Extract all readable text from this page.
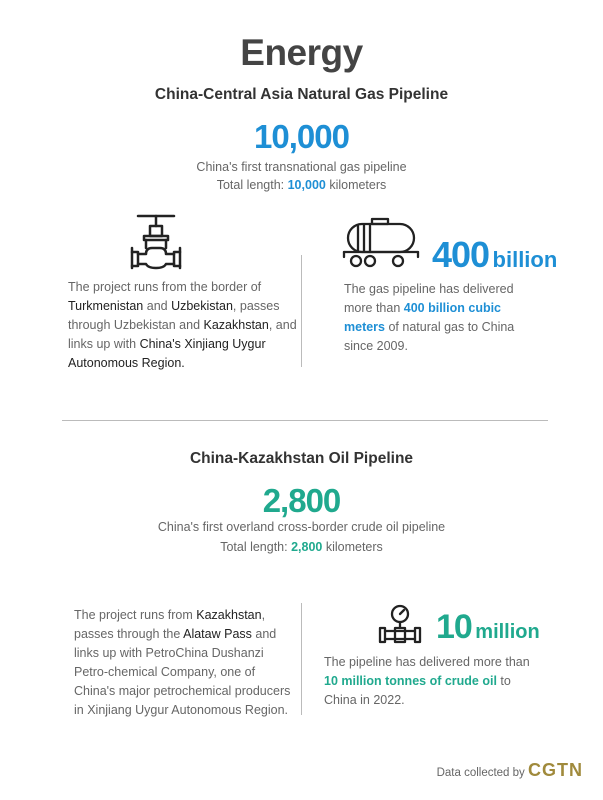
Energy
China-Central Asia Natural Gas Pipeline
10,000
China's first transnational gas pipeline
Total length: 10,000 kilometers
400 billion
The project runs from the border of Turkmenistan and Uzbekistan, passes through Uzbekistan and Kazakhstan, and links up with China's Xinjiang Uygur Autonomous Region.
The gas pipeline has delivered more than 400 billion cubic meters of natural gas to China since 2009.
China-Kazakhstan Oil Pipeline
2,800
China's first overland cross-border crude oil pipeline
Total length: 2,800 kilometers
The project runs from Kazakhstan, passes through the Alataw Pass and links up with PetroChina Dushanzi Petro-chemical Company, one of China's major petrochemical producers in Xinjiang Uygur Autonomous Region.
10 million
The pipeline has delivered more than 10 million tonnes of crude oil to China in 2022.
Data collected by CGTN
